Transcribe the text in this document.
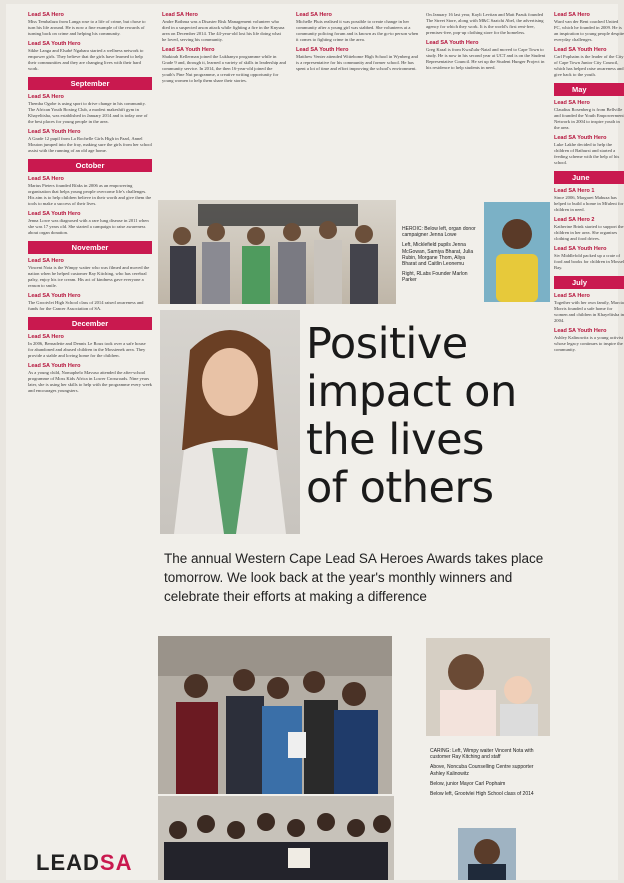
Lead SA Hero
Miss Tembalaza from Langa rose to a life of crime, but chose to turn his life around. He is now a fine example of the rewards of turning back on crime and helping his community.
Lead SA Youth Hero
Sikhe Langa and Elsabé Ngabara started a wellness network to empower girls. They believe that the girls have learned to help their communities and they are changing lives with their hard work.
September
Lead SA Hero
Themba Ogobe is using sport to drive change in his community. The African Youth Boxing Club, a modest makeshift gym in Khayelitsha, was established in January 2014 and is today one of the best places for young people in the area.
Lead SA Youth Hero
A Grade 12 pupil from La Rochelle Girls High in Paarl, Annel Mouton jumped into the fray, making sure the girls from her school assist with the running of an old age home.
October
Lead SA Hero
Marius Pieters founded Bfaks in 2006 as an empowering organisation that helps young people overcome life's challenges. His aim is to help children believe in their worth and give them the tools to make a success of their lives.
Lead SA Youth Hero
Jenna Lowe was diagnosed with a rare lung disease in 2011 when she was 17 years old. She started a campaign to raise awareness about organ donation.
November
Lead SA Hero
Vincent Nota is the Wimpy waiter who was filmed and moved the nation when he helped customer Ray Kitching, who has cerebral palsy, enjoy his ice cream. His act of kindness gave everyone a reason to smile.
Lead SA Youth Hero
The Grootvlei High School class of 2014 raised awareness and funds for the Cancer Association of SA.
December
Lead SA Hero
In 2006, Bernadette and Dennis Le Roux took over a safe house for abandoned and abused children in the Mossienek area. They provide a stable and loving home for the children.
Lead SA Youth Hero
As a young child, Nomaphelo Mavuso attended the after-school programme of Moss Kids Africa in Lower Crossroads. Nine years later, she is using her skills to help with the programme every week and encourages youngsters.
Lead SA Hero
Andre Bothma was a Disaster Risk Management volunteer who died in a suspected arson attack while fighting a fire in the Knysna area on December 2014. The 44-year-old lost his life doing what he loved, serving his community.
Lead SA Youth Hero
Shakirah Kellerman joined the Lukhanyo programme while in Grade 9 and, through it, learned a variety of skills in leadership and community service. In 2014, the then 16-year-old joined the youth's Pine Nut programme, a creative writing opportunity for young women to help them share their stories.
Lead SA Hero
Michelle Pluis realised it was possible to create change in her community after a young girl was stabbed. She volunteers at a community policing forum and is known as the go-to person when it comes to fighting crime in the area.
Lead SA Youth Hero
Matthew Venter attended Wittebome High School in Wynberg and is a representative for his community and former school. He has spent a lot of time and effort improving the school's environment.
On January 16 last year, Kayli Levitan and Matt Pazuk founded The Street Store, along with M&C Saatchi Abel, the advertising agency for which they work. It is the world's first rent-free, premises-free, pop-up clothing store for the homeless.
Lead SA Youth Hero
Greg Kraal is from KwaZulu-Natal and moved to Cape Town to study. He is now in his second year at UCT and is on the Student Representative Council. He set up the Student Hunger Project in his residence to help students in need.
Lead SA Hero
Ward van der Bent coached United FC, which he founded in 2009. He is an inspiration to young people despite everyday challenges.
Lead SA Youth Hero
Carl Pophaim is the leader of the City of Cape Town Junior City Council, which has helped raise awareness and give back to the youth.
May
Lead SA Hero
Claudius Rosenberg is from Bellville and founded the Youth Empowerment Network in 2004 to inspire youth in the area.
Lead SA Youth Hero
Luke Lakhe decided to help the children of Bathurst and started a feeding scheme with the help of his school.
June
Lead SA Hero 1
Since 2006, Margaret Mabuza has helped to build a home in Mfuleni for children in need.
Lead SA Hero 2
Katherine Brink started to support the children in her area. She organises clothing and food drives.
Lead SA Youth Hero
Siv Middlefold packed up a crate of food and books for children in Mossel Bay.
July
Lead SA Hero
Together with her own family, Marcia Morris founded a safe home for women and children in Khayelitsha in 2004.
Lead SA Youth Hero
Ashley Kalinowitz is a young activist whose legacy continues to inspire the community.
HEROIC: Below left, organ donor campaigner Jenna Lowe
Left, Micklefield pupils Jenna McGowan, Samiya Bharat, Julia Rubin, Morgane Thom, Aliya Bharat and Caitlin Leonemu
Right, RLabs Founder Marlon Parker
Positive
impact on
the lives
of others
The annual Western Cape Lead SA Heroes Awards takes place tomorrow. We look back at the year's monthly winners and celebrate their efforts at making a difference
CARING: Left, Wimpy waiter Vincent Nota with customer Ray Kitching and staff
Above, Noncuba Counselling Centre supporter Ashley Kalinowitz
Below, junior Mayor Carl Pophaim
Below left, Grootvlei High School class of 2014
LEADSA
